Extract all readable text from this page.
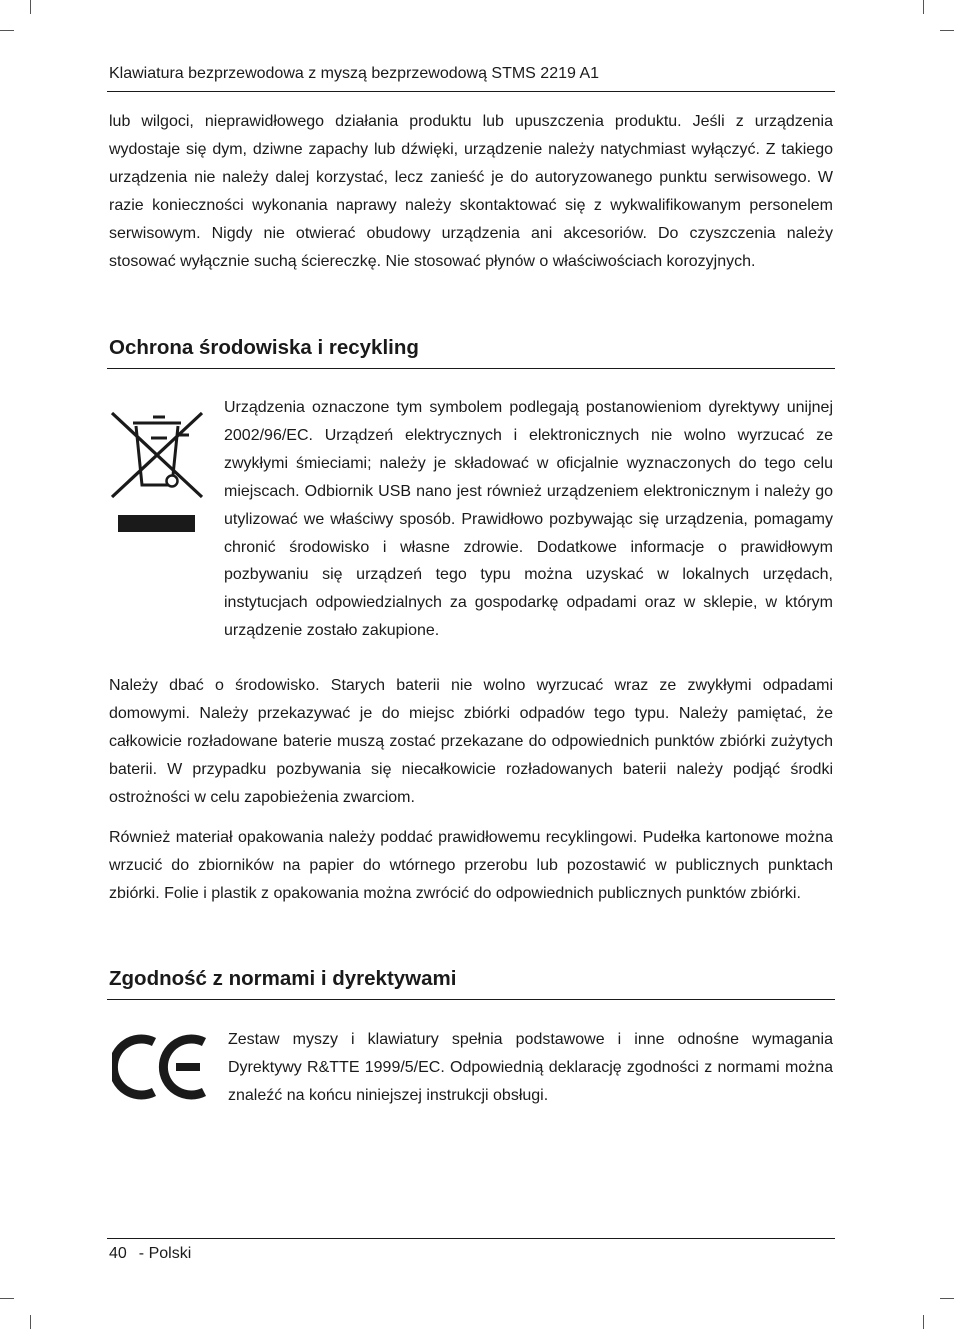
Klawiatura bezprzewodowa z myszą bezprzewodową STMS 2219 A1

lub wilgoci, nieprawidłowego działania produktu lub upuszczenia produktu. Jeśli z urządzenia wydostaje się dym, dziwne zapachy lub dźwięki, urządzenie należy natychmiast wyłączyć. Z takiego urządzenia nie należy dalej korzystać, lecz zanieść je do autoryzowanego punktu serwisowego. W razie konieczności wykonania naprawy należy skontaktować się z wykwalifikowanym personelem serwisowym. Nigdy nie otwierać obudowy urządzenia ani akcesoriów. Do czyszczenia należy stosować wyłącznie suchą ściereczkę. Nie stosować płynów o właściwościach korozyjnych.

Ochrona środowiska i recykling

Urządzenia oznaczone tym symbolem podlegają postanowieniom dyrektywy unijnej 2002/96/EC. Urządzeń elektrycznych i elektronicznych nie wolno wyrzucać ze zwykłymi śmieciami; należy je składować w oficjalnie wyznaczonych do tego celu miejscach. Odbiornik USB nano jest również urządzeniem elektronicznym i należy go utylizować we właściwy sposób. Prawidłowo pozbywając się urządzenia, pomagamy chronić środowisko i własne zdrowie. Dodatkowe informacje o prawidłowym pozbywaniu się urządzeń tego typu można uzyskać w lokalnych urzędach, instytucjach odpowiedzialnych za gospodarkę odpadami oraz w sklepie, w którym urządzenie zostało zakupione.

Należy dbać o środowisko. Starych baterii nie wolno wyrzucać wraz ze zwykłymi odpadami domowymi. Należy przekazywać je do miejsc zbiórki odpadów tego typu. Należy pamiętać, że całkowicie rozładowane baterie muszą zostać przekazane do odpowiednich punktów zbiórki zużytych baterii. W przypadku pozbywania się niecałkowicie rozładowanych baterii należy podjąć środki ostrożności w celu zapobieżenia zwarciom.

Również materiał opakowania należy poddać prawidłowemu recyklingowi. Pudełka kartonowe można wrzucić do zbiorników na papier do wtórnego przerobu lub pozostawić w publicznych punktach zbiórki. Folie i plastik z opakowania można zwrócić do odpowiednich publicznych punktów zbiórki.

Zgodność z normami i dyrektywami

Zestaw myszy i klawiatury spełnia podstawowe i inne odnośne wymagania Dyrektywy R&TTE 1999/5/EC. Odpowiednią deklarację zgodności z normami można znaleźć na końcu niniejszej instrukcji obsługi.

40 - Polski
